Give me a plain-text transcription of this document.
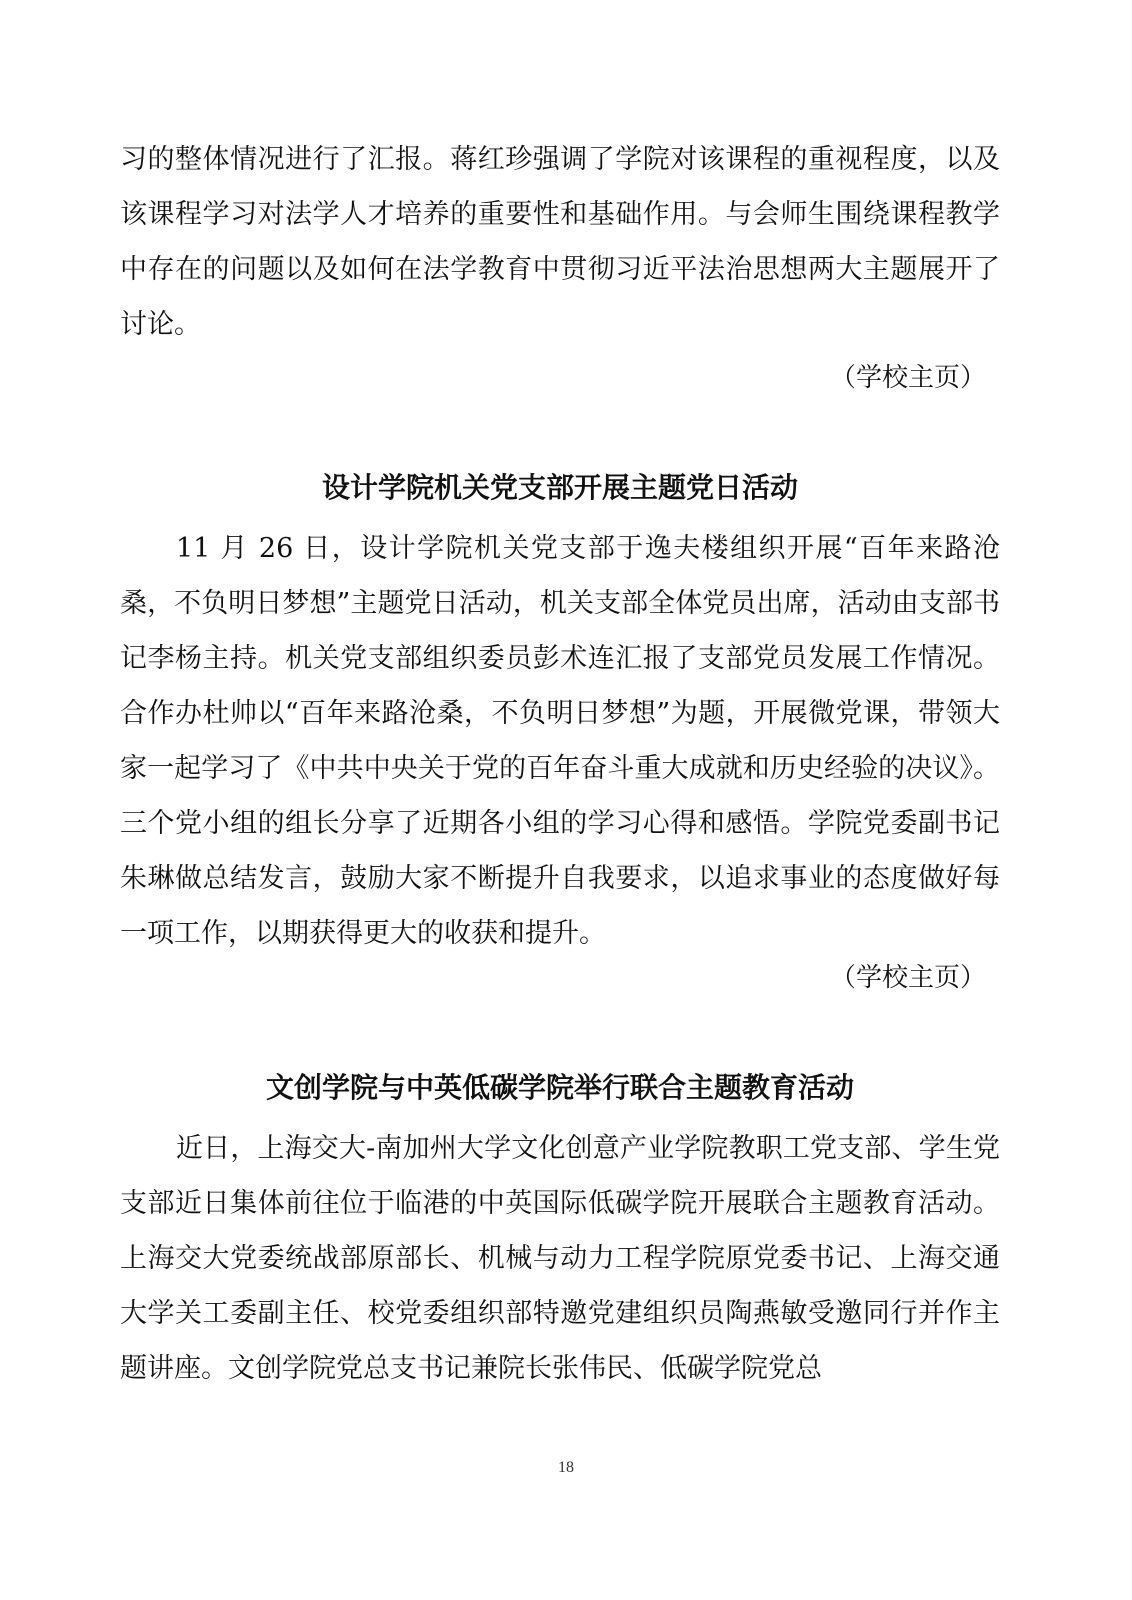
习的整体情况进行了汇报。蒋红珍强调了学院对该课程的重视程度，以及该课程学习对法学人才培养的重要性和基础作用。与会师生围绕课程教学中存在的问题以及如何在法学教育中贯彻习近平法治思想两大主题展开了讨论。

（学校主页）

设计学院机关党支部开展主题党日活动

11 月 26 日，设计学院机关党支部于逸夫楼组织开展“百年来路沧桑，不负明日梦想”主题党日活动，机关支部全体党员出席，活动由支部书记李杨主持。机关党支部组织委员彭术连汇报了支部党员发展工作情况。合作办杜帅以“百年来路沧桑，不负明日梦想”为题，开展微党课，带领大家一起学习了《中共中央关于党的百年奋斗重大成就和历史经验的决议》。三个党小组的组长分享了近期各小组的学习心得和感悟。学院党委副书记朱琳做总结发言，鼓励大家不断提升自我要求，以追求事业的态度做好每一项工作，以期获得更大的收获和提升。

（学校主页）

文创学院与中英低碳学院举行联合主题教育活动

近日，上海交大-南加州大学文化创意产业学院教职工党支部、学生党支部近日集体前往位于临港的中英国际低碳学院开展联合主题教育活动。上海交大党委统战部原部长、机械与动力工程学院原党委书记、上海交通大学关工委副主任、校党委组织部特邀党建组织员陶燕敏受邀同行并作主题讲座。文创学院党总支书记兼院长张伟民、低碳学院党总

18
